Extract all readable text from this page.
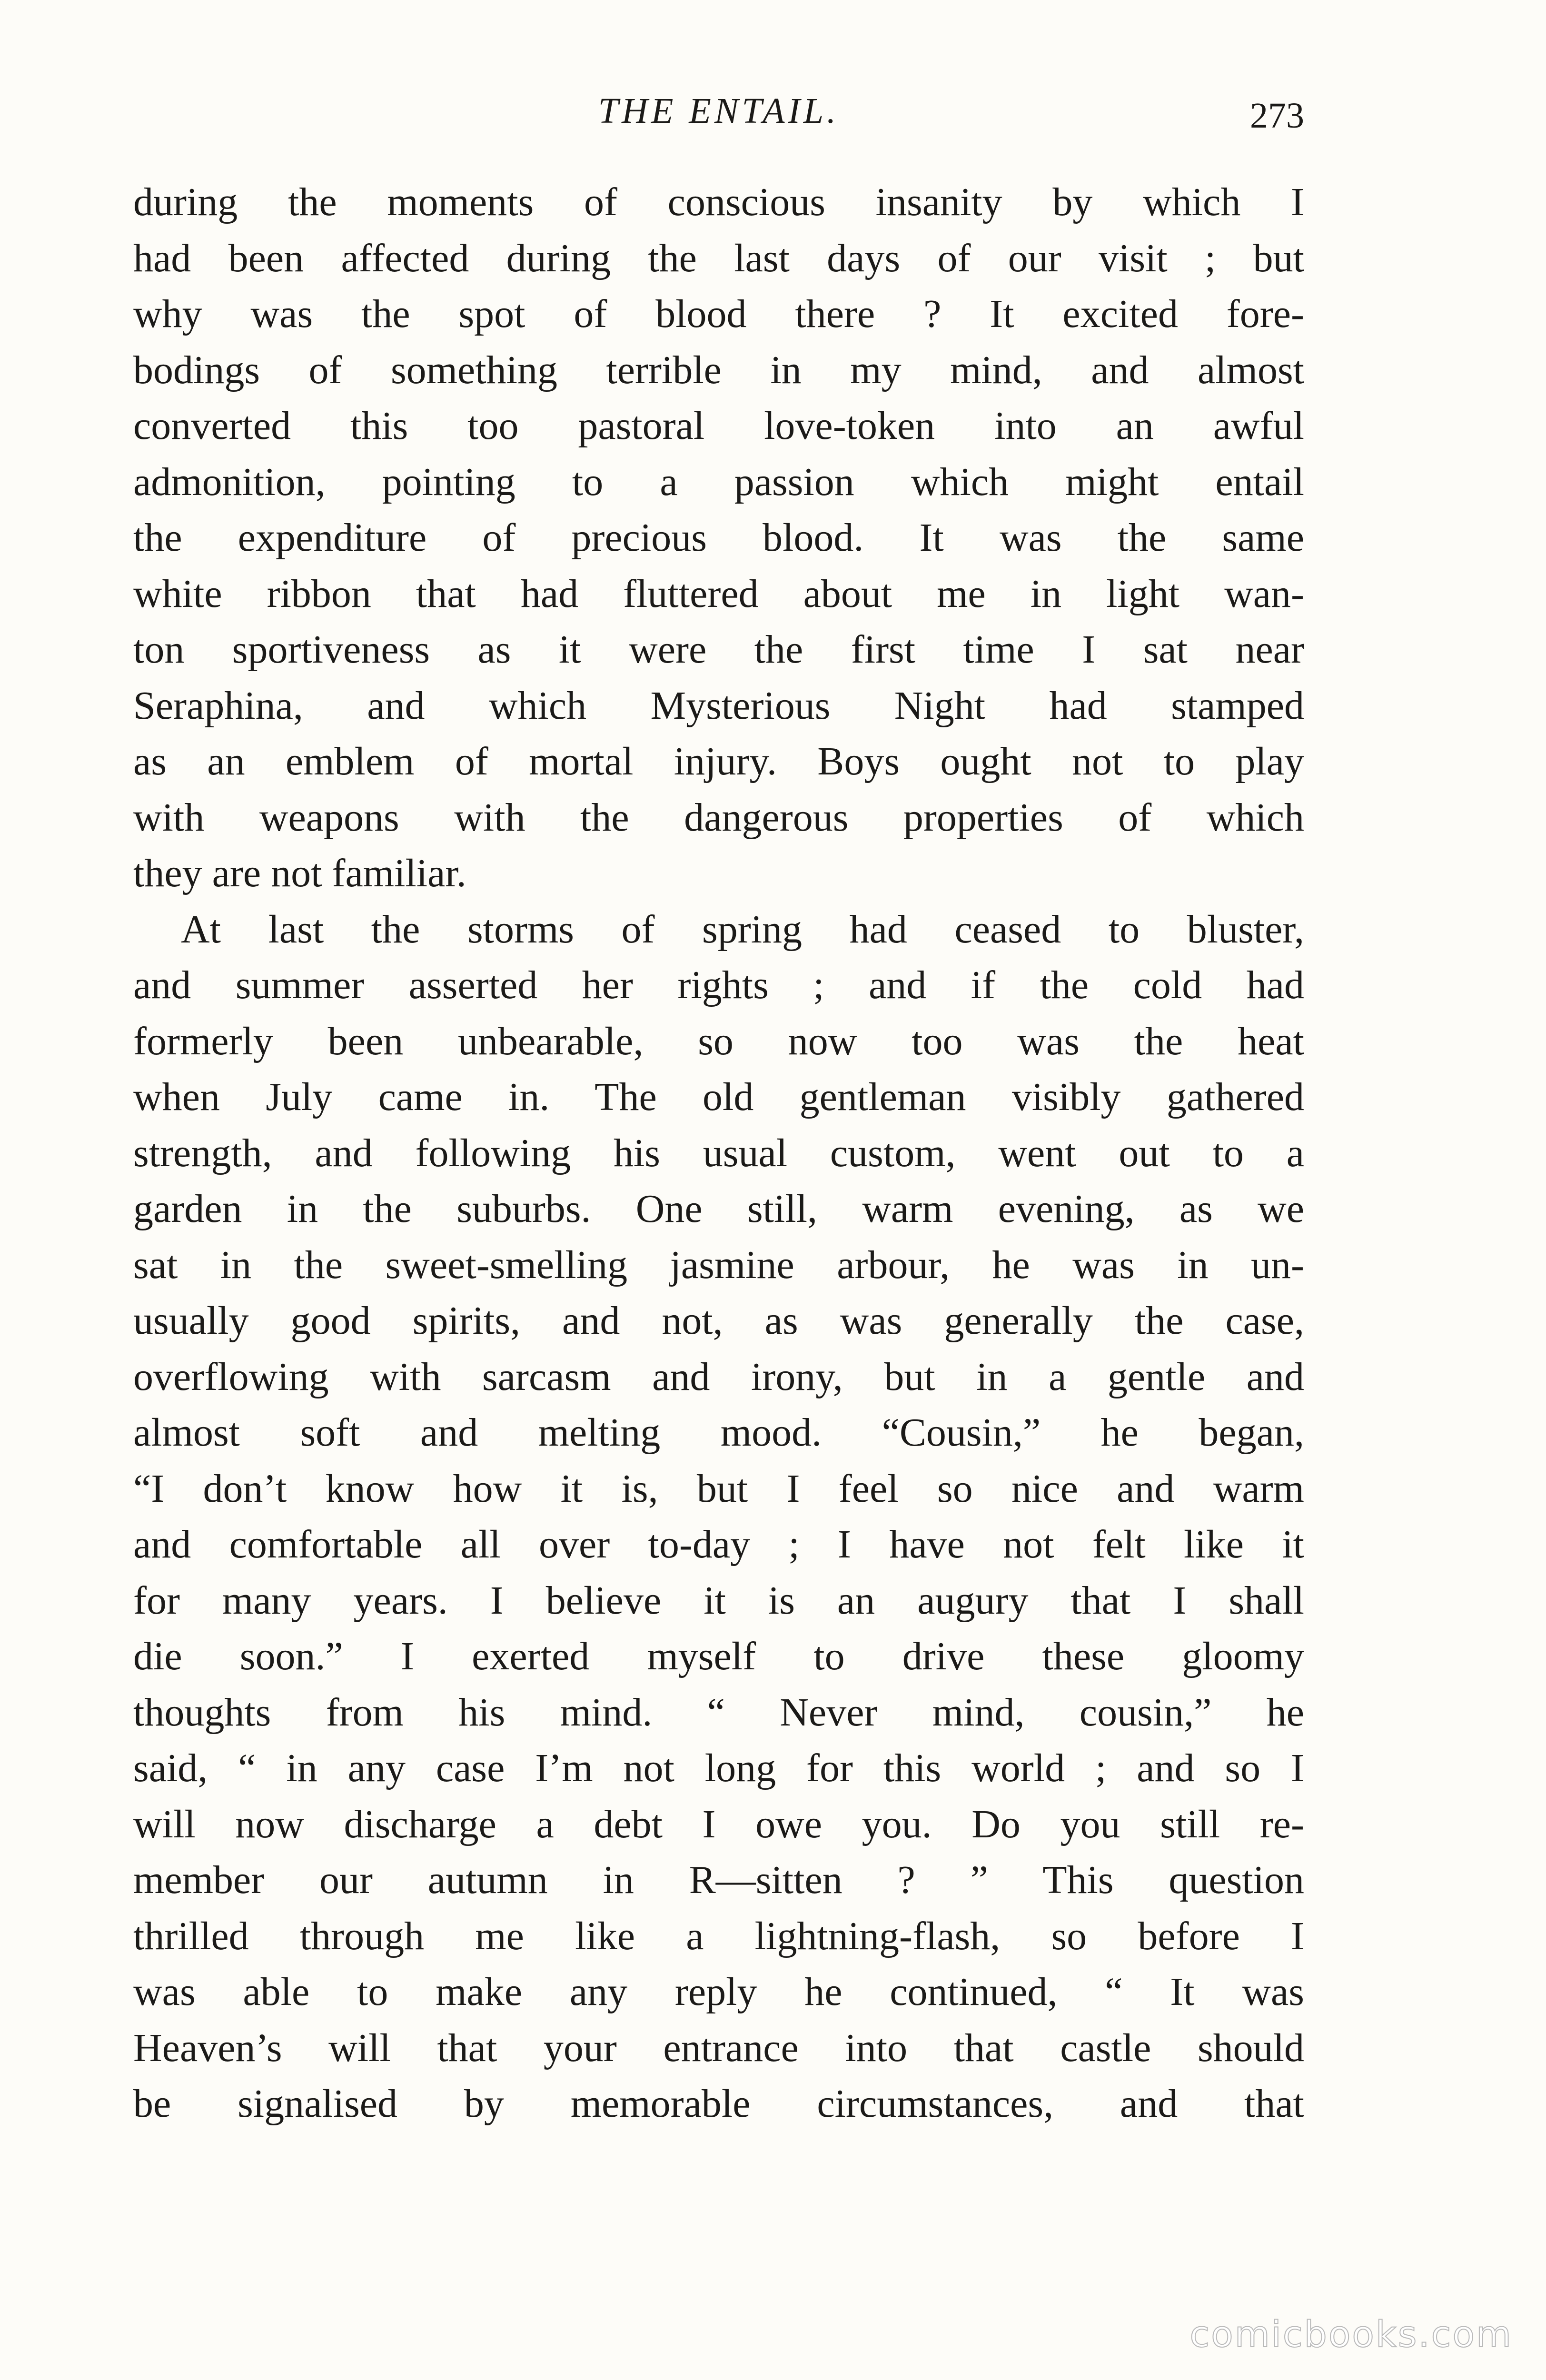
THE ENTAIL.	273
during the moments of conscious insanity by which I
had been affected during the last days of our visit ; but
why was the spot of blood there ? It excited fore-
bodings of something terrible in my mind, and almost
converted this too pastoral love-token into an awful
admonition, pointing to a passion which might entail
the expenditure of precious blood. It was the same
white ribbon that had fluttered about me in light wan-
ton sportiveness as it were the first time I sat near
Seraphina, and which Mysterious Night had stamped
as an emblem of mortal injury. Boys ought not to play
with weapons with the dangerous properties of which
they are not familiar.
At last the storms of spring had ceased to bluster,
and summer asserted her rights ; and if the cold had
formerly been unbearable, so now too was the heat
when July came in. The old gentleman visibly gathered
strength, and following his usual custom, went out to a
garden in the suburbs. One still, warm evening, as we
sat in the sweet-smelling jasmine arbour, he was in un-
usually good spirits, and not, as was generally the case,
overflowing with sarcasm and irony, but in a gentle and
almost soft and melting mood. “Cousin,” he began,
“I don’t know how it is, but I feel so nice and warm
and comfortable all over to-day ; I have not felt like it
for many years. I believe it is an augury that I shall
die soon.” I exerted myself to drive these gloomy
thoughts from his mind. “ Never mind, cousin,” he
said, “ in any case I’m not long for this world ; and so I
will now discharge a debt I owe you. Do you still re-
member our autumn in R—sitten ? ” This question
thrilled through me like a lightning-flash, so before I
was able to make any reply he continued, “ It was
Heaven’s will that your entrance into that castle should
be signalised by memorable circumstances, and that
comicbooks.com
